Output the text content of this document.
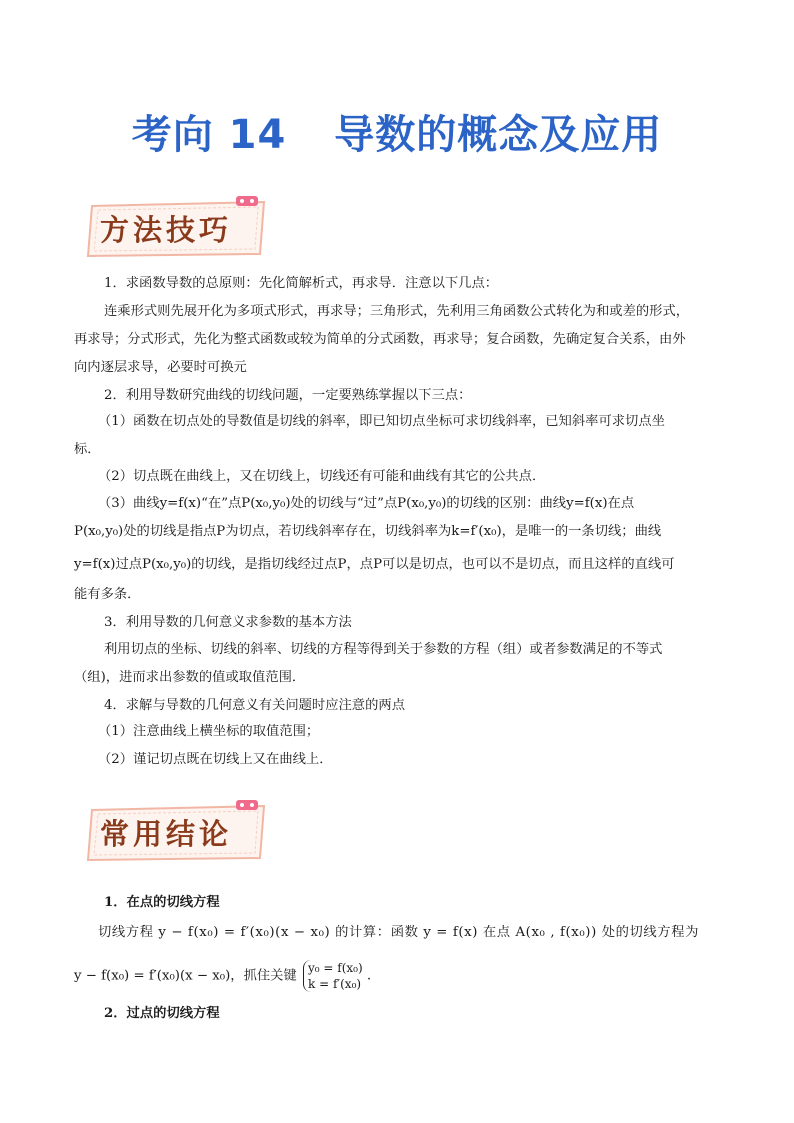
考向 14 导数的概念及应用
方法技巧
1．求函数导数的总原则：先化简解析式，再求导．注意以下几点：
连乘形式则先展开化为多项式形式，再求导；三角形式，先利用三角函数公式转化为和或差的形式，
再求导；分式形式，先化为整式函数或较为简单的分式函数，再求导；复合函数，先确定复合关系，由外
向内逐层求导，必要时可换元
2．利用导数研究曲线的切线问题，一定要熟练掌握以下三点：
（1）函数在切点处的导数值是切线的斜率，即已知切点坐标可求切线斜率，已知斜率可求切点坐
标．
（2）切点既在曲线上，又在切线上，切线还有可能和曲线有其它的公共点．
（3）曲线y=f(x)“在”点P(x₀,y₀)处的切线与“过”点P(x₀,y₀)的切线的区别：曲线y=f(x)在点
P(x₀,y₀)处的切线是指点P为切点，若切线斜率存在，切线斜率为k=f′(x₀)，是唯一的一条切线；曲线
y=f(x)过点P(x₀,y₀)的切线，是指切线经过点P，点P可以是切点，也可以不是切点，而且这样的直线可
能有多条．
3．利用导数的几何意义求参数的基本方法
利用切点的坐标、切线的斜率、切线的方程等得到关于参数的方程（组）或者参数满足的不等式
（组)，进而求出参数的值或取值范围．
4．求解与导数的几何意义有关问题时应注意的两点
（1）注意曲线上横坐标的取值范围；
（2）谨记切点既在切线上又在曲线上．
常用结论
1．在点的切线方程
切线方程 y − f(x₀) = f′(x₀)(x − x₀) 的计算：函数 y = f(x) 在点 A(x₀ , f(x₀)) 处的切线方程为
y − f(x₀) = f′(x₀)(x − x₀)，抓住关键
y₀ = f(x₀)
k = f′(x₀)
.
2．过点的切线方程
